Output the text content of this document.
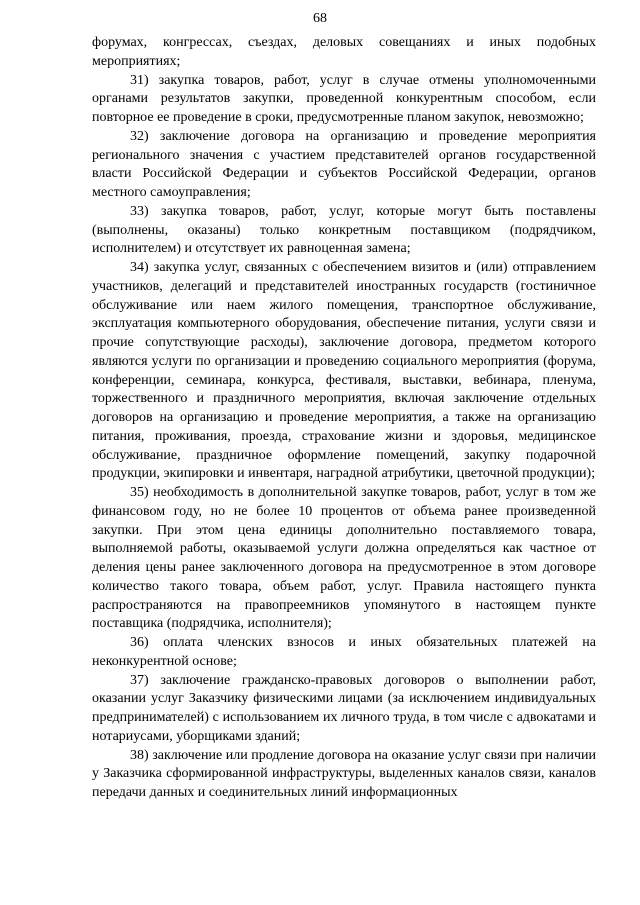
68

форумах, конгрессах, съездах, деловых совещаниях и иных подобных мероприятиях;

31) закупка товаров, работ, услуг в случае отмены уполномоченными органами результатов закупки, проведенной конкурентным способом, если повторное ее проведение в сроки, предусмотренные планом закупок, невозможно;

32) заключение договора на организацию и проведение мероприятия регионального значения с участием представителей органов государственной власти Российской Федерации и субъектов Российской Федерации, органов местного самоуправления;

33) закупка товаров, работ, услуг, которые могут быть поставлены (выполнены, оказаны) только конкретным поставщиком (подрядчиком, исполнителем) и отсутствует их равноценная замена;

34) закупка услуг, связанных с обеспечением визитов и (или) отправлением участников, делегаций и представителей иностранных государств (гостиничное обслуживание или наем жилого помещения, транспортное обслуживание, эксплуатация компьютерного оборудования, обеспечение питания, услуги связи и прочие сопутствующие расходы), заключение договора, предметом которого являются услуги по организации и проведению социального мероприятия (форума, конференции, семинара, конкурса, фестиваля, выставки, вебинара, пленума, торжественного и праздничного мероприятия, включая заключение отдельных договоров на организацию и проведение мероприятия, а также на организацию питания, проживания, проезда, страхование жизни и здоровья, медицинское обслуживание, праздничное оформление помещений, закупку подарочной продукции, экипировки и инвентаря, наградной атрибутики, цветочной продукции);

35) необходимость в дополнительной закупке товаров, работ, услуг в том же финансовом году, но не более 10 процентов от объема ранее произведенной закупки. При этом цена единицы дополнительно поставляемого товара, выполняемой работы, оказываемой услуги должна определяться как частное от деления цены ранее заключенного договора на предусмотренное в этом договоре количество такого товара, объем работ, услуг. Правила настоящего пункта распространяются на правопреемников упомянутого в настоящем пункте поставщика (подрядчика, исполнителя);

36) оплата членских взносов и иных обязательных платежей на неконкурентной основе;

37) заключение гражданско-правовых договоров о выполнении работ, оказании услуг Заказчику физическими лицами (за исключением индивидуальных предпринимателей) с использованием их личного труда, в том числе с адвокатами и нотариусами, уборщиками зданий;

38) заключение или продление договора на оказание услуг связи при наличии у Заказчика сформированной инфраструктуры, выделенных каналов связи, каналов передачи данных и соединительных линий информационных
